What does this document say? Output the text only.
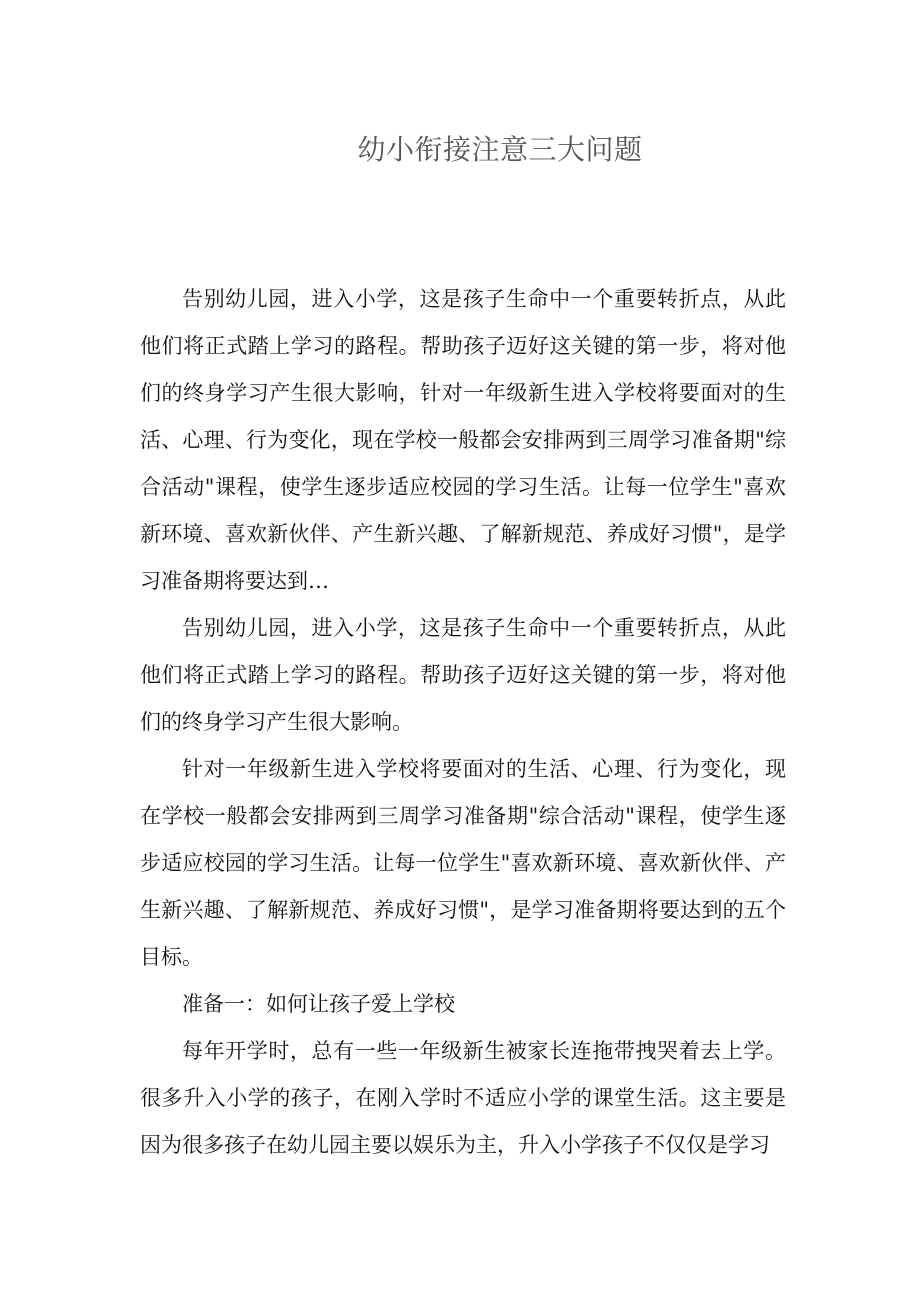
幼小衔接注意三大问题

告别幼儿园，进入小学，这是孩子生命中一个重要转折点，从此他们将正式踏上学习的路程。帮助孩子迈好这关键的第一步，将对他们的终身学习产生很大影响，针对一年级新生进入学校将要面对的生活、心理、行为变化，现在学校一般都会安排两到三周学习准备期"综合活动"课程，使学生逐步适应校园的学习生活。让每一位学生"喜欢新环境、喜欢新伙伴、产生新兴趣、了解新规范、养成好习惯"，是学习准备期将要达到…

告别幼儿园，进入小学，这是孩子生命中一个重要转折点，从此他们将正式踏上学习的路程。帮助孩子迈好这关键的第一步，将对他们的终身学习产生很大影响。

针对一年级新生进入学校将要面对的生活、心理、行为变化，现在学校一般都会安排两到三周学习准备期"综合活动"课程，使学生逐步适应校园的学习生活。让每一位学生"喜欢新环境、喜欢新伙伴、产生新兴趣、了解新规范、养成好习惯"，是学习准备期将要达到的五个目标。

准备一：如何让孩子爱上学校

每年开学时，总有一些一年级新生被家长连拖带拽哭着去上学。很多升入小学的孩子，在刚入学时不适应小学的课堂生活。这主要是因为很多孩子在幼儿园主要以娱乐为主，升入小学孩子不仅仅是学习
